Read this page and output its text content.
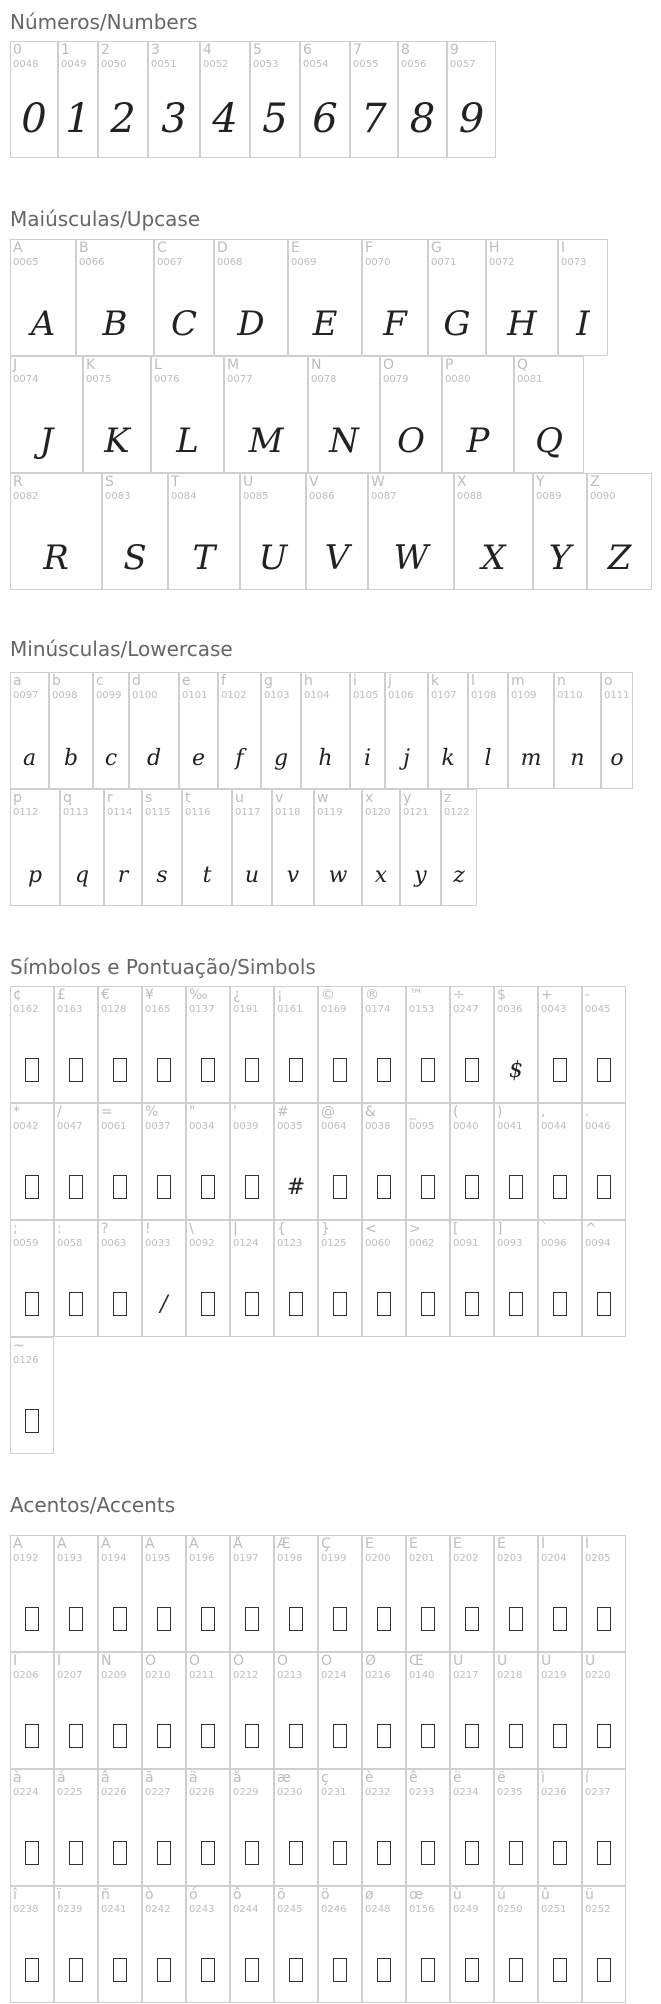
Números/Numbers
0
0048
0
1
0049
1
2
0050
2
3
0051
3
4
0052
4
5
0053
5
6
0054
6
7
0055
7
8
0056
8
9
0057
9
Maiúsculas/Upcase
A
0065
A
B
0066
B
C
0067
C
D
0068
D
E
0069
E
F
0070
F
G
0071
G
H
0072
H
I
0073
I
J
0074
J
K
0075
K
L
0076
L
M
0077
M
N
0078
N
O
0079
O
P
0080
P
Q
0081
Q
R
0082
R
S
0083
S
T
0084
T
U
0085
U
V
0086
V
W
0087
W
X
0088
X
Y
0089
Y
Z
0090
Z
Minúsculas/Lowercase
a
0097
a
b
0098
b
c
0099
c
d
0100
d
e
0101
e
f
0102
f
g
0103
g
h
0104
h
i
0105
i
j
0106
j
k
0107
k
l
0108
l
m
0109
m
n
0110
n
o
0111
o
p
0112
p
q
0113
q
r
0114
r
s
0115
s
t
0116
t
u
0117
u
v
0118
v
w
0119
w
x
0120
x
y
0121
y
z
0122
z
Símbolos e Pontuação/Simbols
¢
0162
£
0163
€
0128
¥
0165
‰
0137
¿
0191
¡
0161
©
0169
®
0174
™
0153
÷
0247
$
0036
$
+
0043
-
0045
*
0042
/
0047
=
0061
%
0037
"
0034
'
0039
#
0035
#
@
0064
&
0038
_
0095
(
0040
)
0041
,
0044
.
0046
;
0059
:
0058
?
0063
!
0033
/
\
0092
|
0124
{
0123
}
0125
<
0060
>
0062
[
0091
]
0093
`
0096
^
0094
~
0126
Acentos/Accents
À
0192
Á
0193
Â
0194
Ã
0195
Ä
0196
Å
0197
Æ
0198
Ç
0199
È
0200
É
0201
Ê
0202
Ë
0203
Ì
0204
Í
0205
Î
0206
Ï
0207
Ñ
0209
Ò
0210
Ó
0211
Ô
0212
Õ
0213
Ö
0214
Ø
0216
Œ
0140
Ù
0217
Ú
0218
Û
0219
Ü
0220
à
0224
á
0225
â
0226
ã
0227
ä
0228
å
0229
æ
0230
ç
0231
è
0232
ê
0233
ë
0234
ë
0235
ì
0236
í
0237
î
0238
ï
0239
ñ
0241
ò
0242
ó
0243
ô
0244
õ
0245
ö
0246
ø
0248
œ
0156
ù
0249
ú
0250
û
0251
ü
0252
